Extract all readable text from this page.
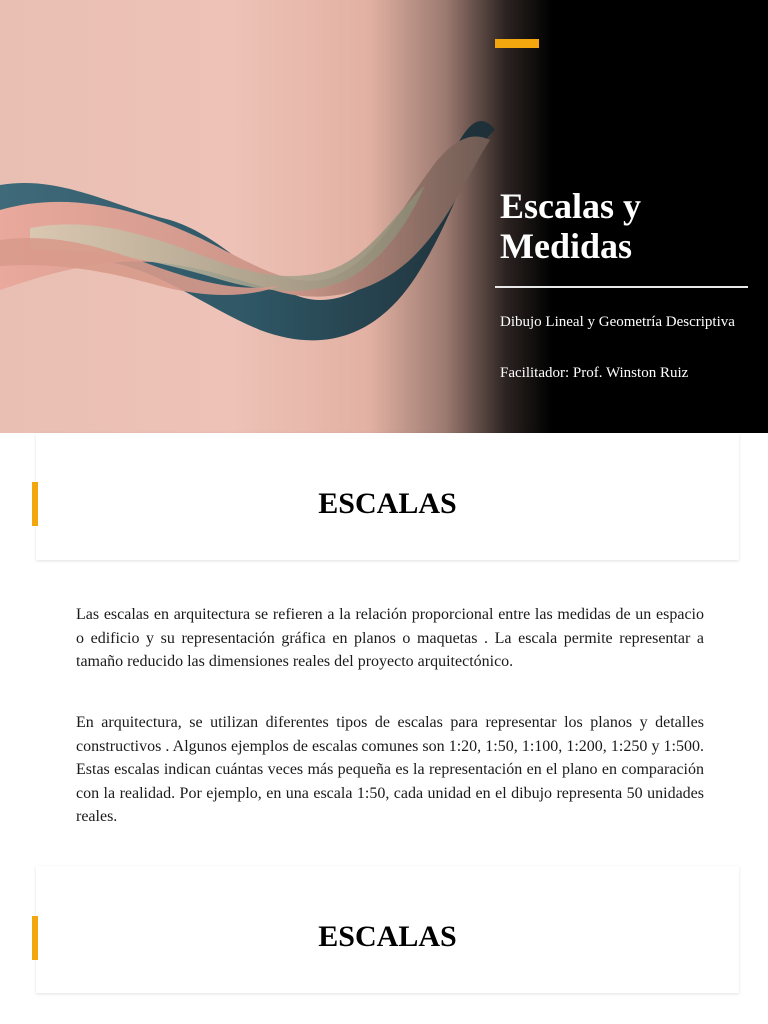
Escalas y Medidas
Dibujo Lineal y Geometría Descriptiva
Facilitador: Prof. Winston Ruiz
ESCALAS

Las escalas en arquitectura se refieren a la relación proporcional entre las medidas de un espacio o edificio y su representación gráfica en planos o maquetas . La escala permite representar a tamaño reducido las dimensiones reales del proyecto arquitectónico.

En arquitectura, se utilizan diferentes tipos de escalas para representar los planos y detalles constructivos . Algunos ejemplos de escalas comunes son 1:20, 1:50, 1:100, 1:200, 1:250 y 1:500. Estas escalas indican cuántas veces más pequeña es la representación en el plano en comparación con la realidad. Por ejemplo, en una escala 1:50, cada unidad en el dibujo representa 50 unidades reales.

ESCALAS
